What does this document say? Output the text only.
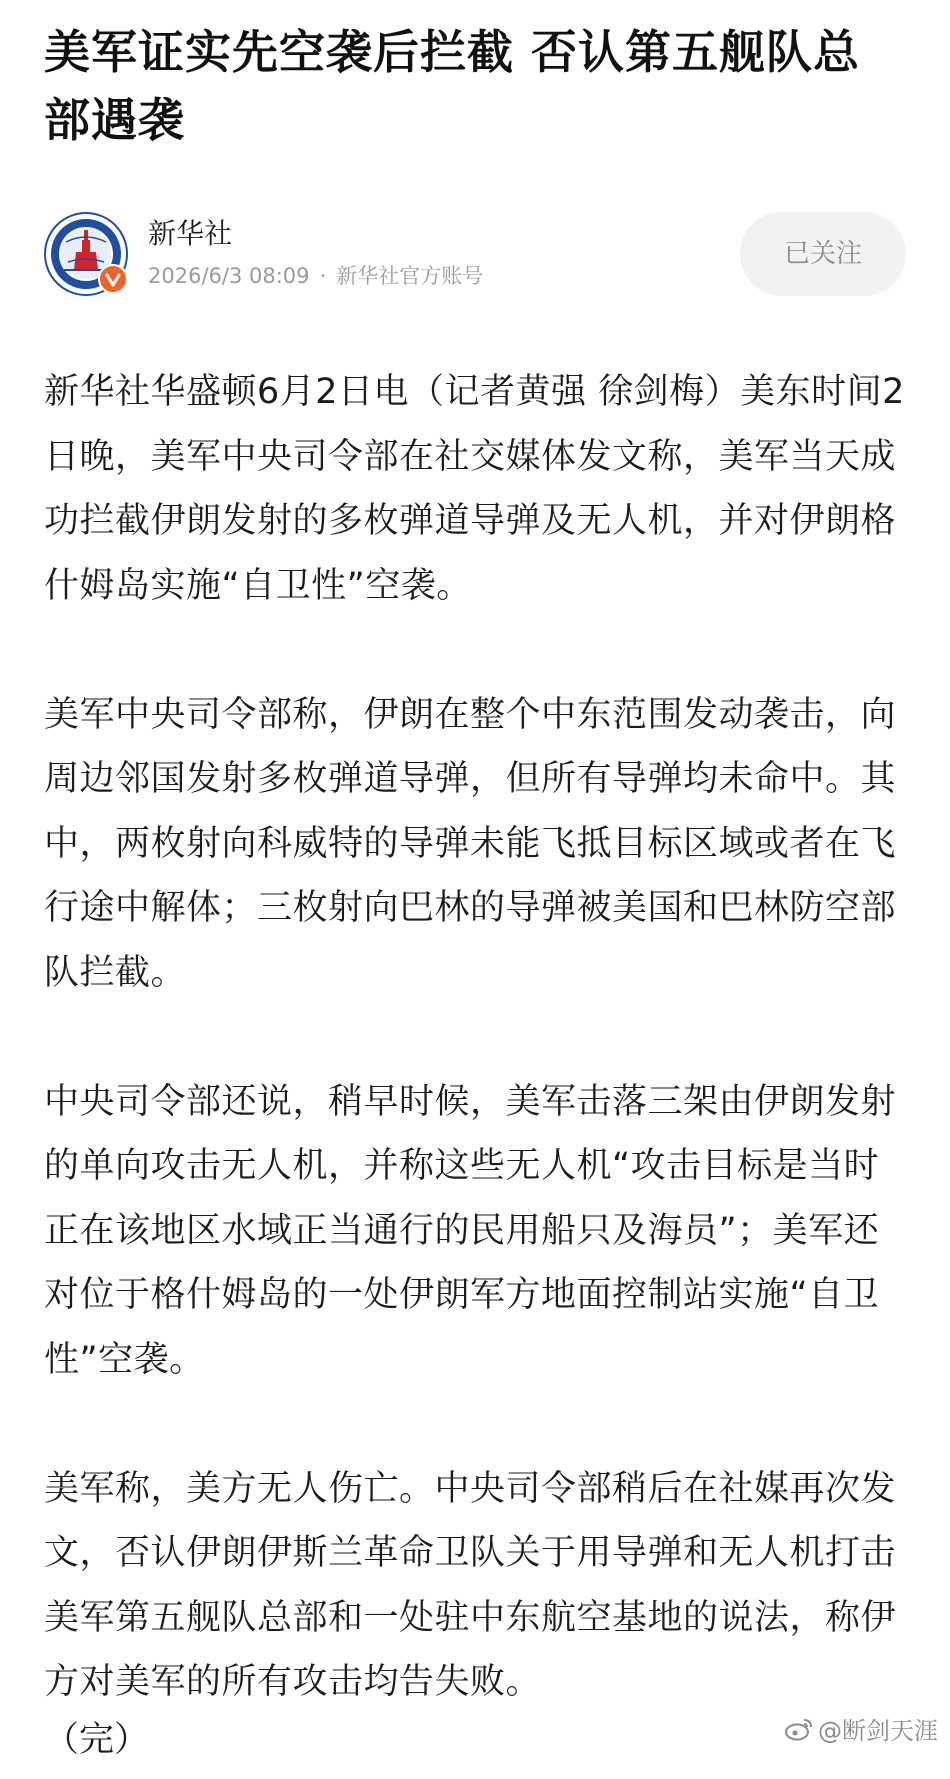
美军证实先空袭后拦截 否认第五舰队总部遇袭
新华社
2026/6/3 08:09 · 新华社官方账号
已关注

新华社华盛顿6月2日电（记者黄强 徐剑梅）美东时间2日晚，美军中央司令部在社交媒体发文称，美军当天成功拦截伊朗发射的多枚弹道导弹及无人机，并对伊朗格什姆岛实施“自卫性”空袭。

美军中央司令部称，伊朗在整个中东范围发动袭击，向周边邻国发射多枚弹道导弹，但所有导弹均未命中。其中，两枚射向科威特的导弹未能飞抵目标区域或者在飞行途中解体；三枚射向巴林的导弹被美国和巴林防空部队拦截。

中央司令部还说，稍早时候，美军击落三架由伊朗发射的单向攻击无人机，并称这些无人机“攻击目标是当时正在该地区水域正当通行的民用船只及海员”；美军还对位于格什姆岛的一处伊朗军方地面控制站实施“自卫性”空袭。

美军称，美方无人伤亡。中央司令部稍后在社媒再次发文，否认伊朗伊斯兰革命卫队关于用导弹和无人机打击美军第五舰队总部和一处驻中东航空基地的说法，称伊方对美军的所有攻击均告失败。

（完）	@断剑天涯
